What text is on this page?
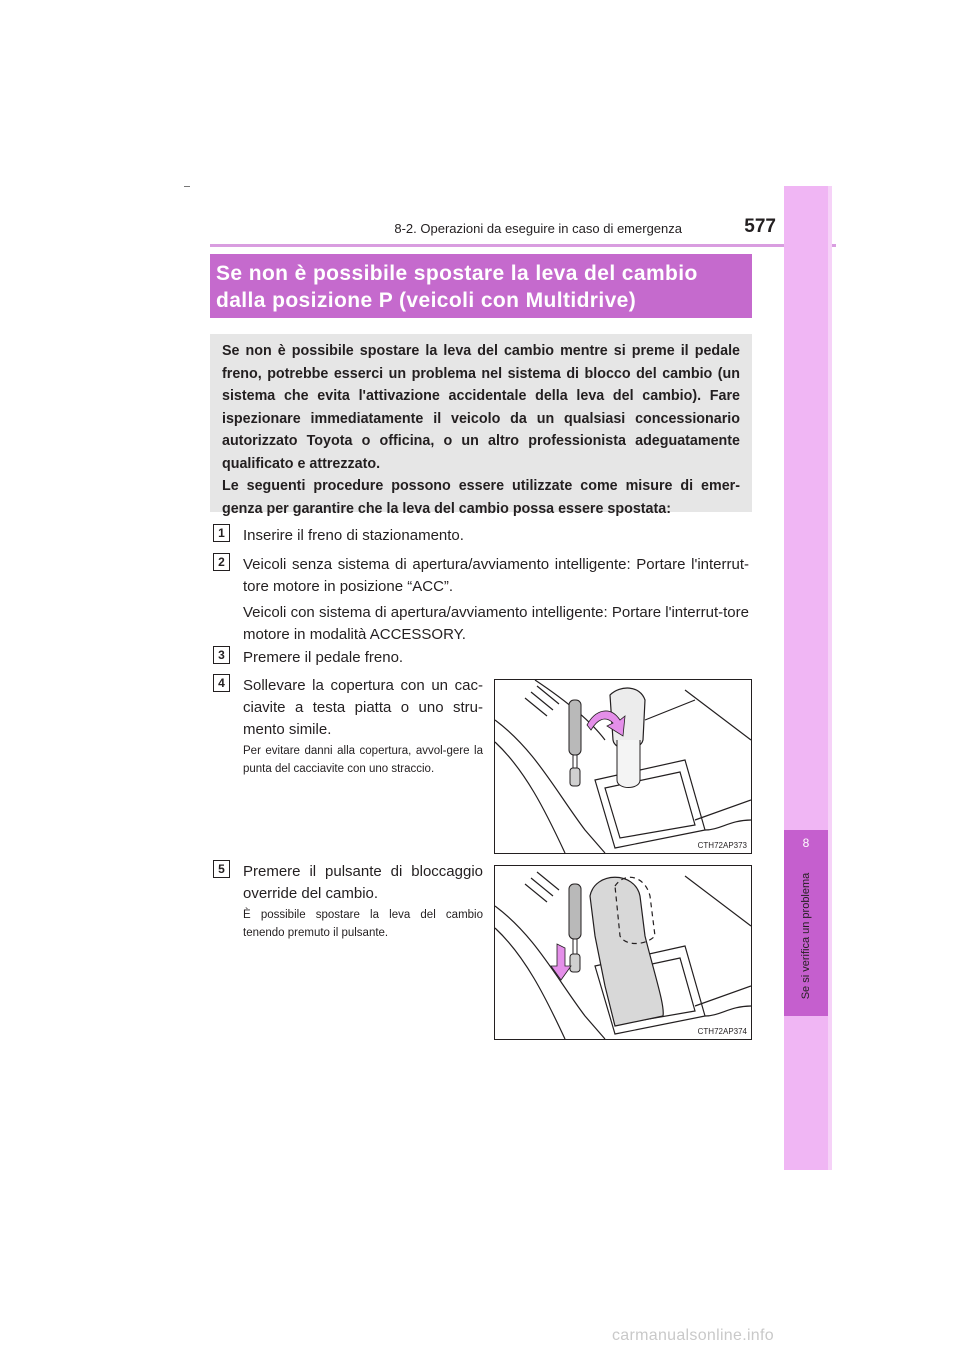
8-2. Operazioni da eseguire in caso di emergenza	577
8
Se si verifica un problema
Se non è possibile spostare la leva del cambio
dalla posizione P (veicoli con Multidrive)
Se non è possibile spostare la leva del cambio mentre si preme il pedale freno, potrebbe esserci un problema nel sistema di blocco del cambio (un sistema che evita l'attivazione accidentale della leva del cambio). Fare ispezionare immediatamente il veicolo da un qualsiasi concessionario autorizzato Toyota o officina, o un altro professionista adeguatamente qualificato e attrezzato.
Le seguenti procedure possono essere utilizzate come misure di emer-genza per garantire che la leva del cambio possa essere spostata:
1	Inserire il freno di stazionamento.
2	Veicoli senza sistema di apertura/avviamento intelligente: Portare l'interrut-tore motore in posizione “ACC”.
Veicoli con sistema di apertura/avviamento intelligente: Portare l'interrut-tore motore in modalità ACCESSORY.
3	Premere il pedale freno.
4	Sollevare la copertura con un cac-ciavite a testa piatta o uno stru-mento simile.
Per evitare danni alla copertura, avvol-gere la punta del cacciavite con uno straccio.
CTH72AP373
5	Premere il pulsante di bloccaggio override del cambio.
È possibile spostare la leva del cambio tenendo premuto il pulsante.
CTH72AP374
carmanualsonline.info
